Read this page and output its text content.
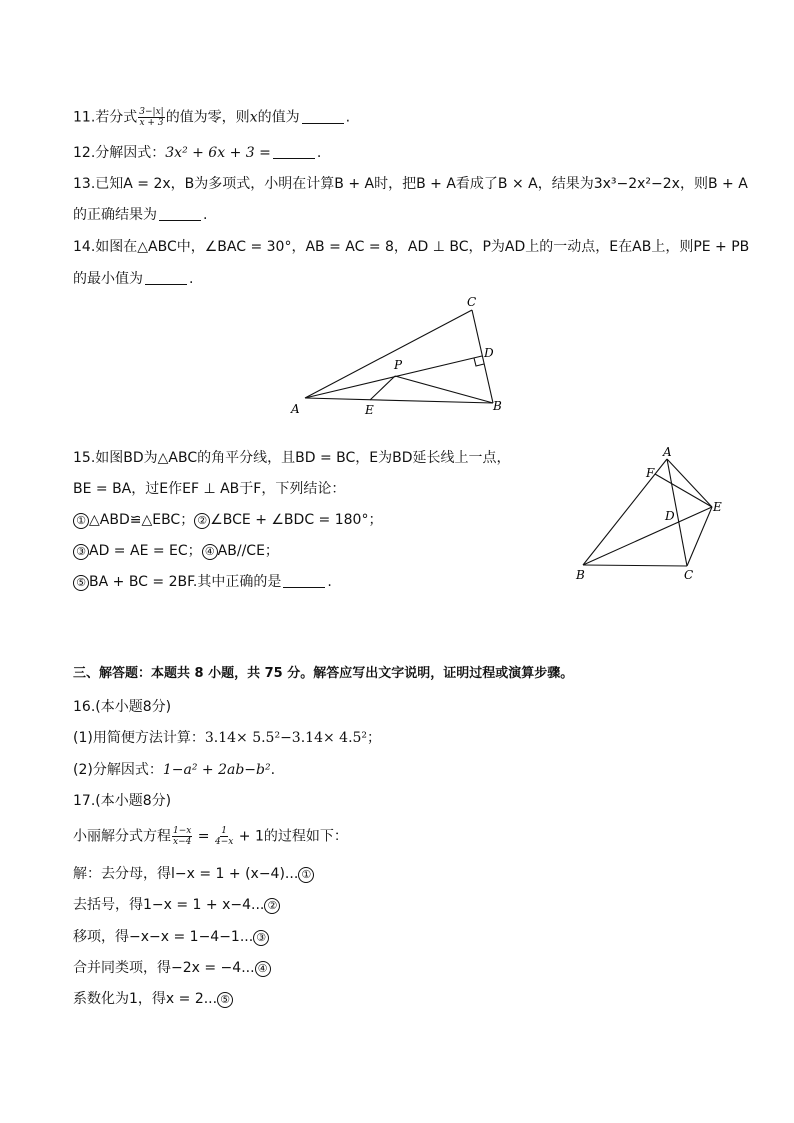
11.若分式 $\frac{3-|x|}{x + 3}$ 的值为零，则x的值为	.
12.分解因式：3x² + 6x + 3 =	.
13.已知A = 2x，B为多项式，小明在计算B + A时，把B + A看成了B × A，结果为3x³−2x²−2x，则B + A
的正确结果为	.
14.如图在△ABC中，∠BAC = 30°，AB = AC = 8，AD ⊥ BC，P为AD上的一动点，E在AB上，则PE + PB
的最小值为	.
A	B
C
D
E
P
15.如图BD为△ABC的角平分线，且BD = BC，E为BD延长线上一点，
BE = BA，过E作EF ⊥ AB于F，下列结论：
① △ABD≌△EBC； ② ∠BCE + ∠BDC = 180°；
③ AD = AE = EC； ④ AB//CE；
⑤ BA + BC = 2BF.其中正确的是	.
A
B	C
D
E
F
三、解答题：本题共 8 小题，共 75 分。解答应写出文字说明，证明过程或演算步骤。
16.(本小题8分)
(1)用简便方法计算：3.14× 5.5²−3.14× 4.5²；
(2)分解因式：1−a² + 2ab−b².
17.(本小题8分)
小丽解分式方程 $\frac{1-x}{x-4} = \frac{1}{4-x} + 1$的过程如下：
解：去分母，得l−x = 1 + (x−4)... ①
去括号，得1−x = 1 + x−4... ②
移项，得−x−x = 1−4−1... ③
合并同类项，得−2x = −4... ④
系数化为1，得x = 2... ⑤
